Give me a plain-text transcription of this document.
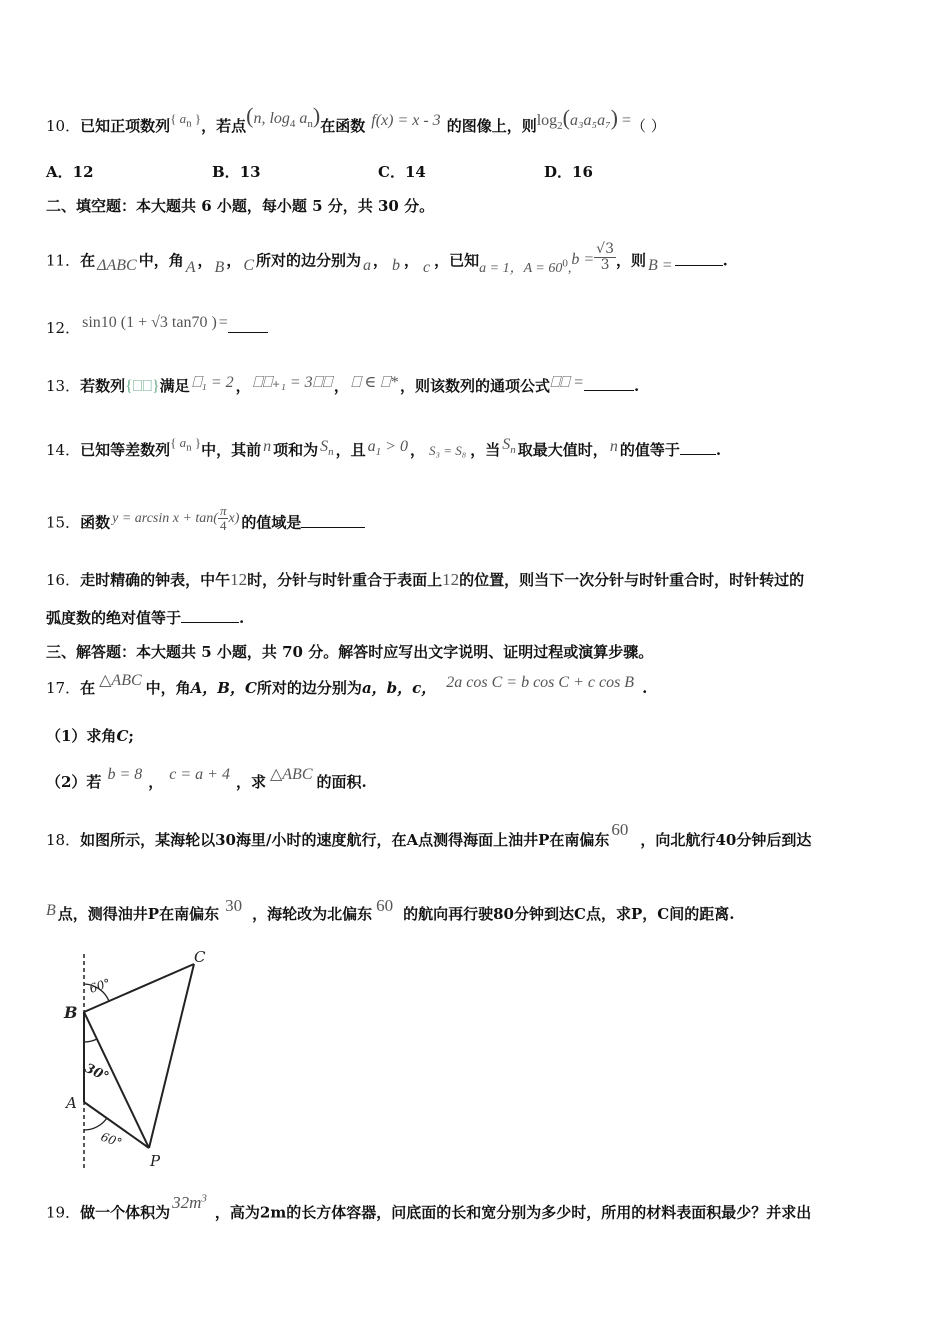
10．已知正项数列{ $a_n$ }，若点(n, $\log_4 a_n$)在函数 f(x) = x - 3 的图像上，则$\log_2(a_3a_5a_7)$ =（ ）
A．12	B．13	C．14	D．16
二、填空题：本大题共 6 小题，每小题 5 分，共 30 分。
11．在 ΔABC 中，角 A ， B ， C 所对的边分别为 a ， b ， c ，已知a = 1，$A = 60^0,b = \frac{√3}{3}$ ，则 B =	.
12． sin10 (1 + √3 tan70 ) =
13．若数列{⎕⎕}满足 ⎕₁ = 2 ， ⎕⎕₊₁ = 3⎕⎕ ， ⎕ ∈ ⎕* ，则该数列的通项公式⎕⎕ =	.
14．已知等差数列{ $a_n$ }中，其前 n 项和为 $S_n$ ，且 $a_1 > 0$ ， S₃ = S₈ ，当 $S_n$ 取最大值时， n 的值等于 .
15．函数 $y = \arcsin x + \tan( \frac{\pi}{4} x)$ 的值域是
16．走时精确的钟表，中午12时，分针与时针重合于表面上12的位置，则当下一次分针与时针重合时，时针转过的
弧度数的绝对值等于	.
三、解答题：本大题共 5 小题，共 70 分。解答时应写出文字说明、证明过程或演算步骤。
17．在 △ABC 中，角A，B，C所对的边分别为a，b，c， 2a cos C = b cos C + c cos B .
（1）求角C;
（2）若 b = 8 ， c = a + 4 ，求 △ABC 的面积.
18．如图所示，某海轮以30海里/小时的速度航行，在A点测得海面上油井P在南偏东60，向北航行40分钟后到达
B 点，测得油井P在南偏东 30 ，海轮改为北偏东 60 的航向再行驶80分钟到达C点，求P，C间的距离.
B
A
C
P
60°
30°
60°
19．做一个体积为$32m^3$，高为2m的长方体容器，问底面的长和宽分别为多少时，所用的材料表面积最少？并求出
